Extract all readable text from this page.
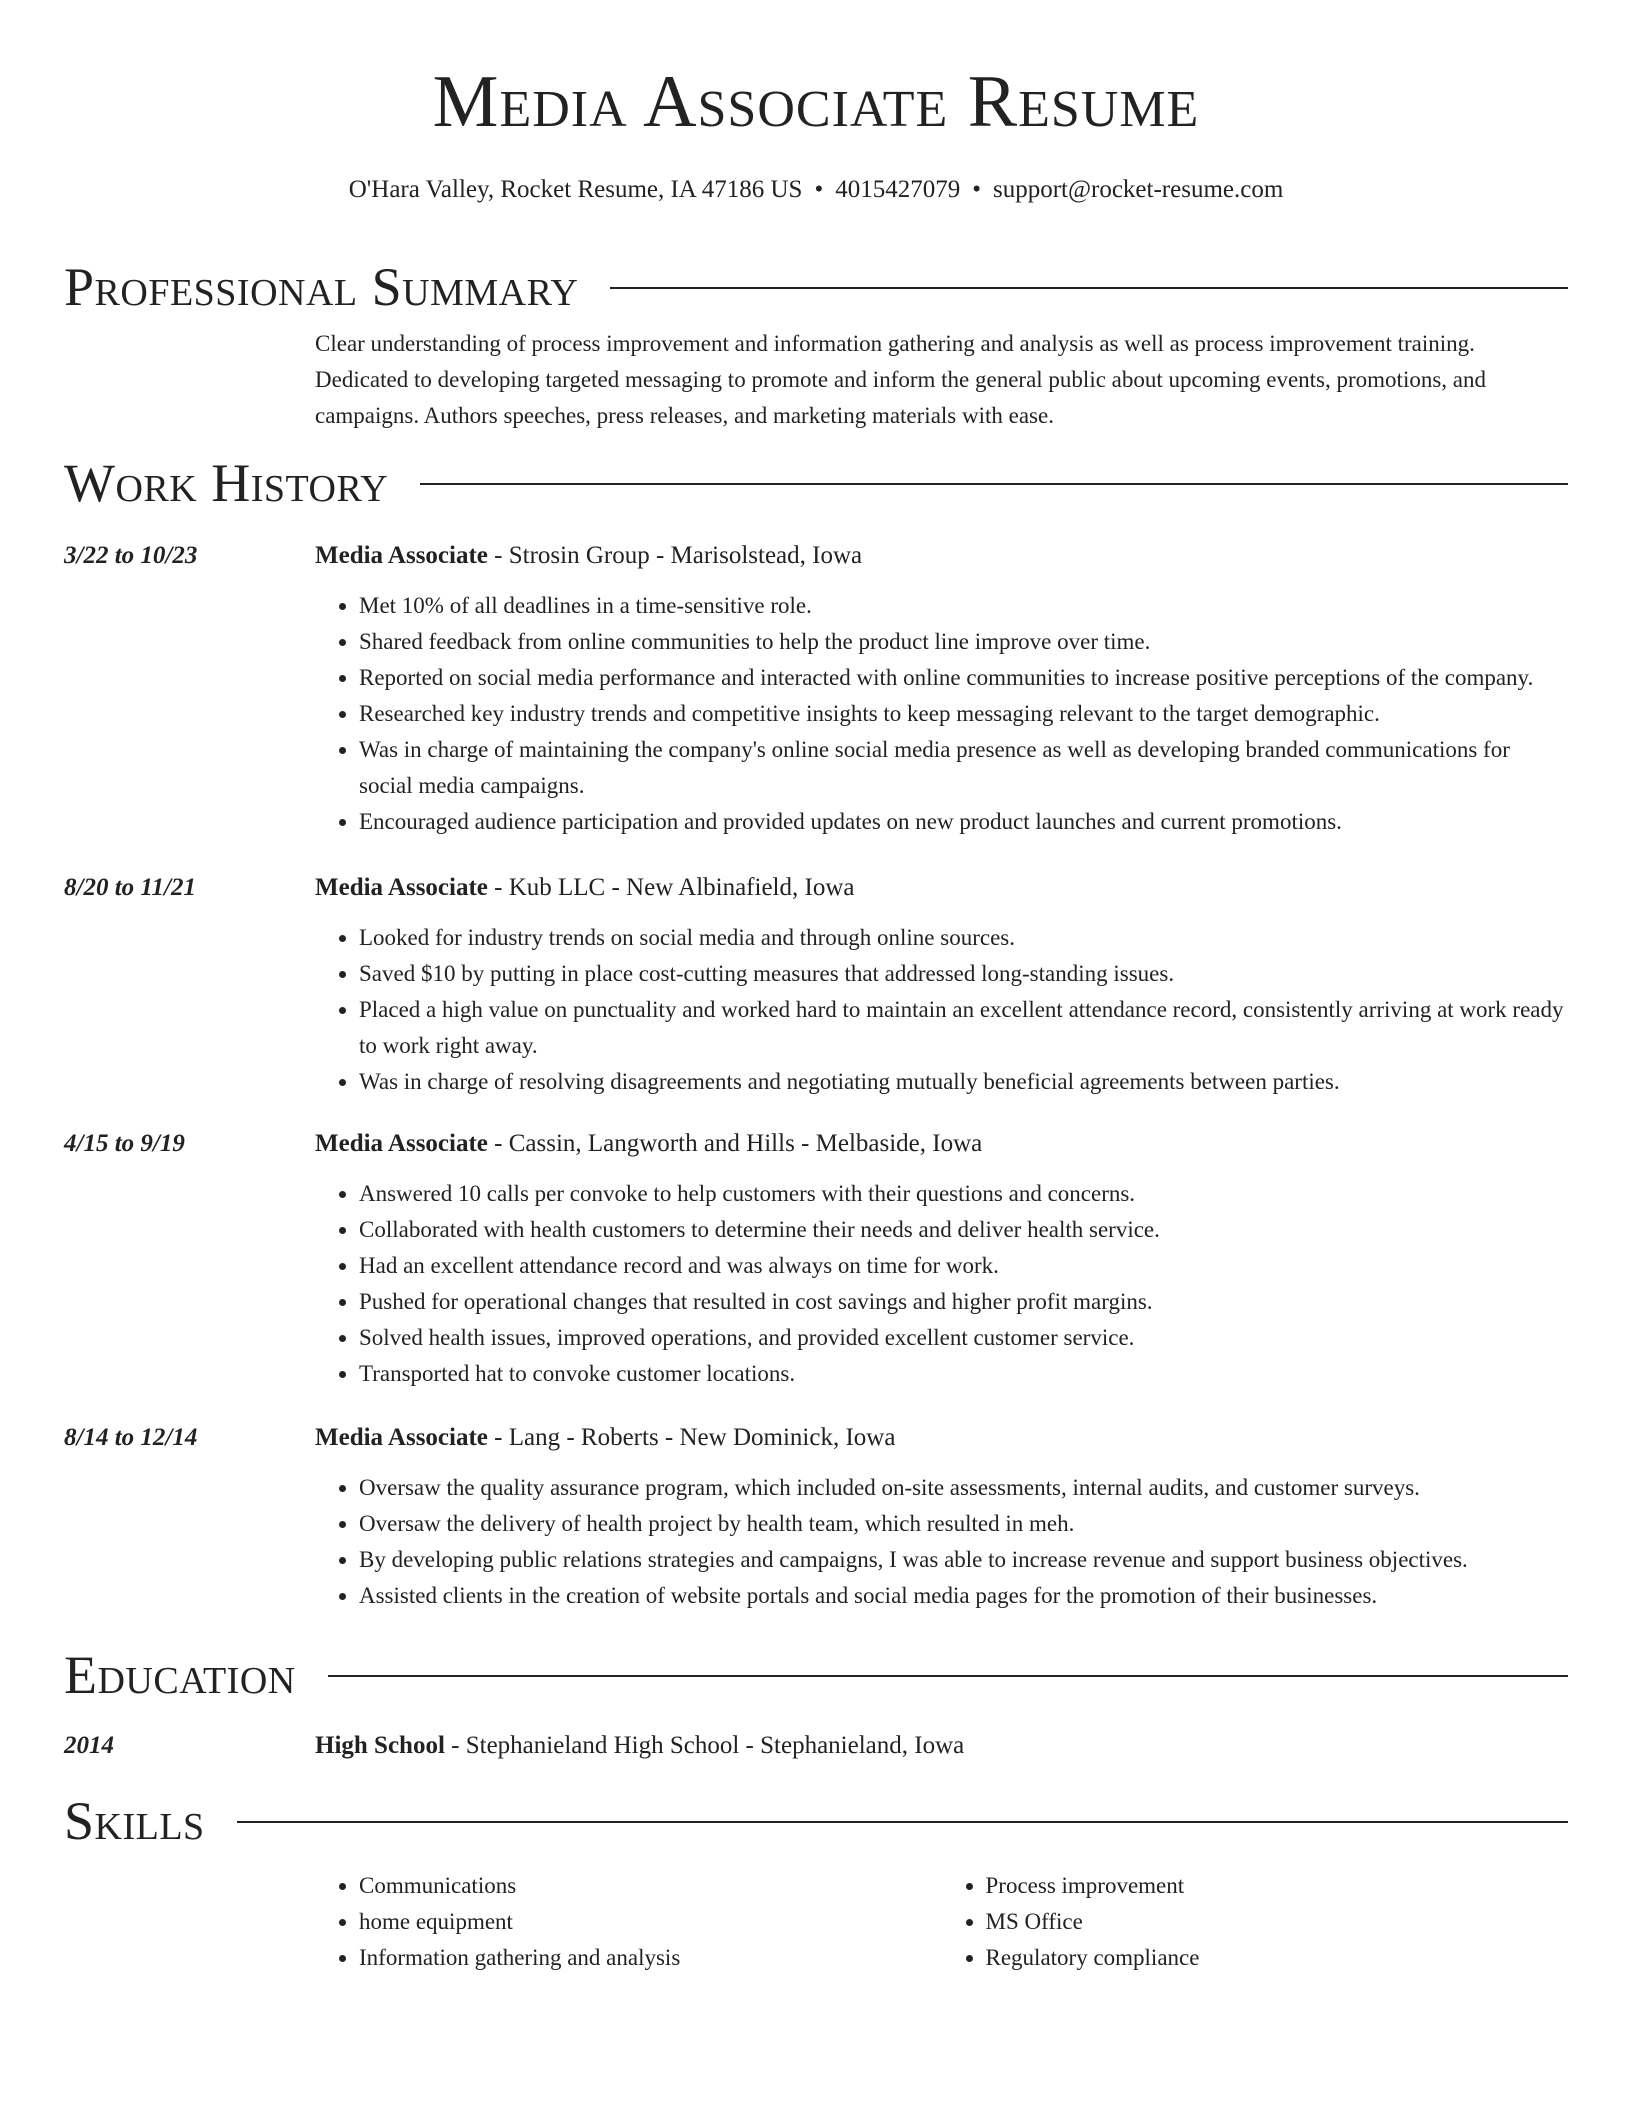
Media Associate Resume
O'Hara Valley, Rocket Resume, IA 47186 US • 4015427079 • support@rocket-resume.com
Professional Summary
Clear understanding of process improvement and information gathering and analysis as well as process improvement training. Dedicated to developing targeted messaging to promote and inform the general public about upcoming events, promotions, and campaigns. Authors speeches, press releases, and marketing materials with ease.
Work History
3/22 to 10/23	Media Associate - Strosin Group - Marisolstead, Iowa
• Met 10% of all deadlines in a time-sensitive role.
• Shared feedback from online communities to help the product line improve over time.
• Reported on social media performance and interacted with online communities to increase positive perceptions of the company.
• Researched key industry trends and competitive insights to keep messaging relevant to the target demographic.
• Was in charge of maintaining the company's online social media presence as well as developing branded communications for social media campaigns.
• Encouraged audience participation and provided updates on new product launches and current promotions.
8/20 to 11/21	Media Associate - Kub LLC - New Albinafield, Iowa
• Looked for industry trends on social media and through online sources.
• Saved $10 by putting in place cost-cutting measures that addressed long-standing issues.
• Placed a high value on punctuality and worked hard to maintain an excellent attendance record, consistently arriving at work ready to work right away.
• Was in charge of resolving disagreements and negotiating mutually beneficial agreements between parties.
4/15 to 9/19	Media Associate - Cassin, Langworth and Hills - Melbaside, Iowa
• Answered 10 calls per convoke to help customers with their questions and concerns.
• Collaborated with health customers to determine their needs and deliver health service.
• Had an excellent attendance record and was always on time for work.
• Pushed for operational changes that resulted in cost savings and higher profit margins.
• Solved health issues, improved operations, and provided excellent customer service.
• Transported hat to convoke customer locations.
8/14 to 12/14	Media Associate - Lang - Roberts - New Dominick, Iowa
• Oversaw the quality assurance program, which included on-site assessments, internal audits, and customer surveys.
• Oversaw the delivery of health project by health team, which resulted in meh.
• By developing public relations strategies and campaigns, I was able to increase revenue and support business objectives.
• Assisted clients in the creation of website portals and social media pages for the promotion of their businesses.
Education
2014	High School - Stephanieland High School - Stephanieland, Iowa
Skills
• Communications
• home equipment
• Information gathering and analysis
• Process improvement
• MS Office
• Regulatory compliance
